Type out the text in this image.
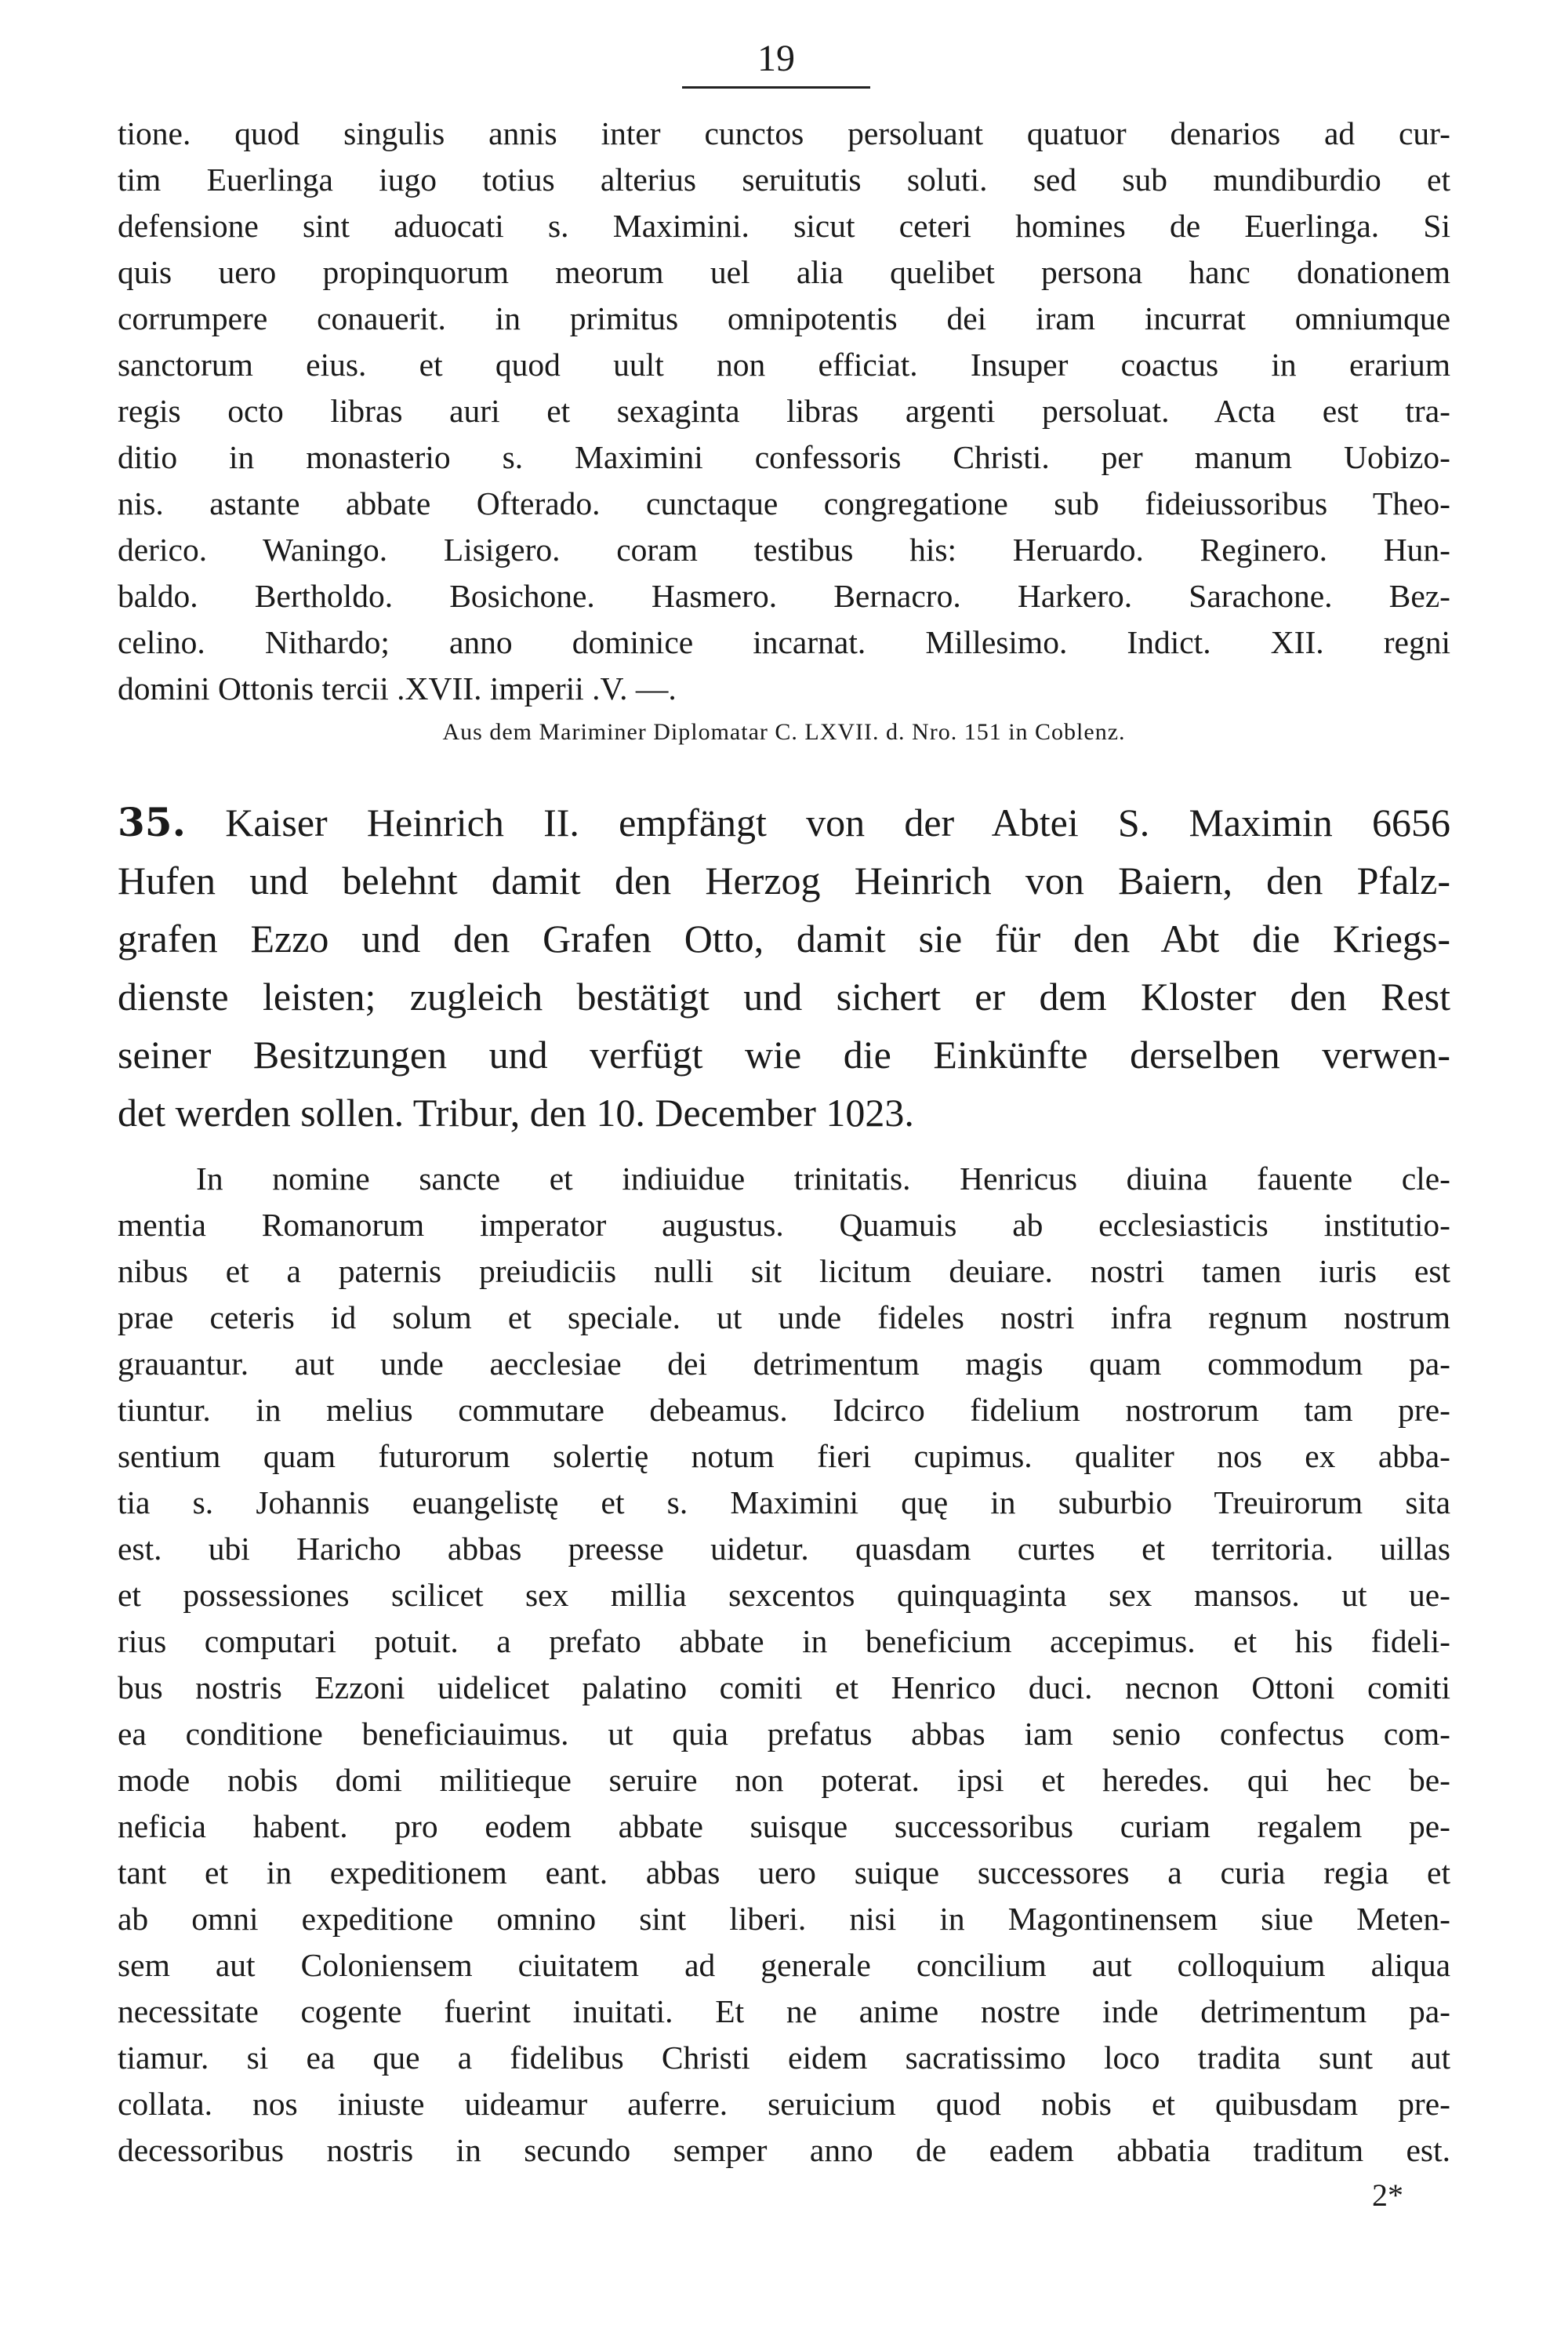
19
tione. quod singulis annis inter cunctos persoluant quatuor denarios ad cur-
tim Euerlinga iugo totius alterius seruitutis soluti. sed sub mundiburdio et
defensione sint aduocati s. Maximini. sicut ceteri homines de Euerlinga. Si
quis uero propinquorum meorum uel alia quelibet persona hanc donationem
corrumpere conauerit. in primitus omnipotentis dei iram incurrat omniumque
sanctorum eius. et quod uult non efficiat. Insuper coactus in erarium
regis octo libras auri et sexaginta libras argenti persoluat. Acta est tra-
ditio in monasterio s. Maximini confessoris Christi. per manum Uobizo-
nis. astante abbate Ofterado. cunctaque congregatione sub fideiussoribus Theo-
derico. Waningo. Lisigero. coram testibus his: Heruardo. Reginero. Hun-
baldo. Bertholdo. Bosichone. Hasmero. Bernacro. Harkero. Sarachone. Bez-
celino. Nithardo; anno dominice incarnat. Millesimo. Indict. XII. regni
domini Ottonis tercii .XVII. imperii .V. —.
Aus dem Mariminer Diplomatar C. LXVII. d. Nro. 151 in Coblenz.
35. Kaiser Heinrich II. empfängt von der Abtei S. Maximin 6656
Hufen und belehnt damit den Herzog Heinrich von Baiern, den Pfalz-
grafen Ezzo und den Grafen Otto, damit sie für den Abt die Kriegs-
dienste leisten; zugleich bestätigt und sichert er dem Kloster den Rest
seiner Besitzungen und verfügt wie die Einkünfte derselben verwen-
det werden sollen. Tribur, den 10. December 1023.
In nomine sancte et indiuidue trinitatis. Henricus diuina fauente cle-
mentia Romanorum imperator augustus. Quamuis ab ecclesiasticis institutio-
nibus et a paternis preiudiciis nulli sit licitum deuiare. nostri tamen iuris est
prae ceteris id solum et speciale. ut unde fideles nostri infra regnum nostrum
grauantur. aut unde aecclesiae dei detrimentum magis quam commodum pa-
tiuntur. in melius commutare debeamus. Idcirco fidelium nostrorum tam pre-
sentium quam futurorum solertię notum fieri cupimus. qualiter nos ex abba-
tia s. Johannis euangelistę et s. Maximini quę in suburbio Treuirorum sita
est. ubi Haricho abbas preesse uidetur. quasdam curtes et territoria. uillas
et possessiones scilicet sex millia sexcentos quinquaginta sex mansos. ut ue-
rius computari potuit. a prefato abbate in beneficium accepimus. et his fideli-
bus nostris Ezzoni uidelicet palatino comiti et Henrico duci. necnon Ottoni comiti
ea conditione beneficiauimus. ut quia prefatus abbas iam senio confectus com-
mode nobis domi militieque seruire non poterat. ipsi et heredes. qui hec be-
neficia habent. pro eodem abbate suisque successoribus curiam regalem pe-
tant et in expeditionem eant. abbas uero suique successores a curia regia et
ab omni expeditione omnino sint liberi. nisi in Magontinensem siue Meten-
sem aut Coloniensem ciuitatem ad generale concilium aut colloquium aliqua
necessitate cogente fuerint inuitati. Et ne anime nostre inde detrimentum pa-
tiamur. si ea que a fidelibus Christi eidem sacratissimo loco tradita sunt aut
collata. nos iniuste uideamur auferre. seruicium quod nobis et quibusdam pre-
decessoribus nostris in secundo semper anno de eadem abbatia traditum est.
2*
